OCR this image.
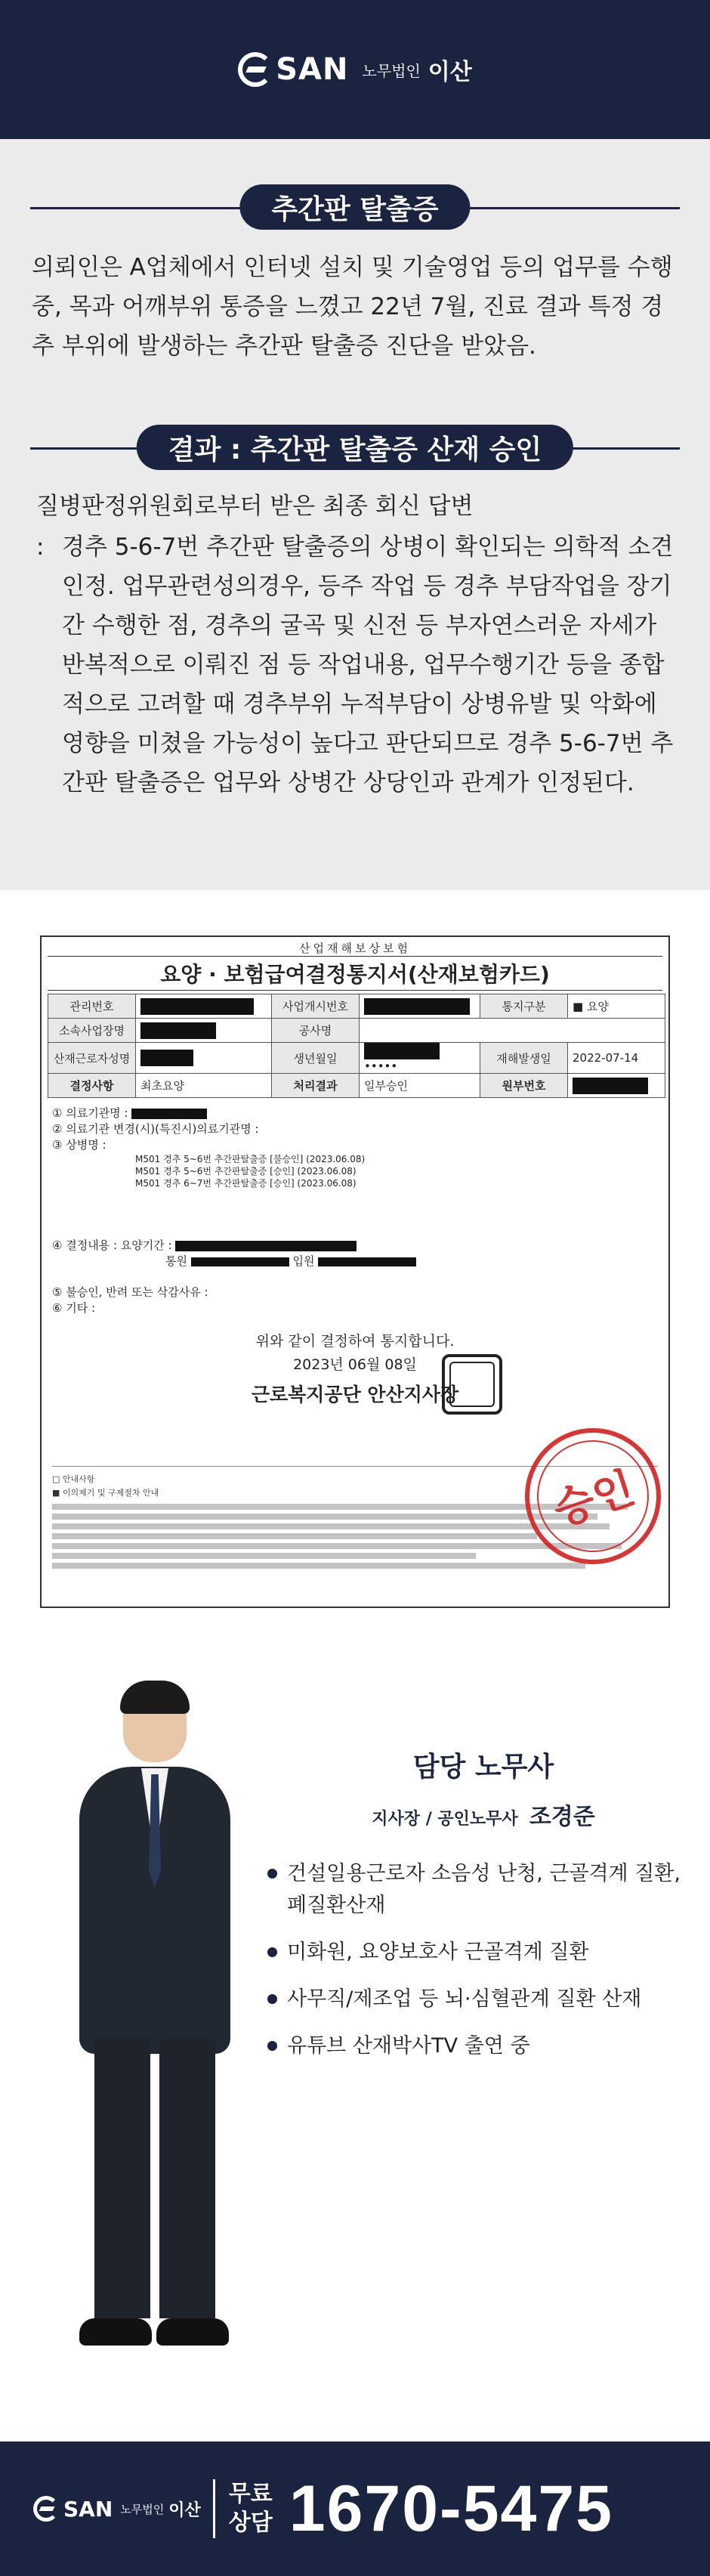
SAN 노무법인 이산
추간판 탈출증

의뢰인은 A업체에서 인터넷 설치 및 기술영업 등의 업무를 수행 중, 목과 어깨부위 통증을 느꼈고 22년 7월, 진료 결과 특정 경추 부위에 발생하는 추간판 탈출증 진단을 받았음.

결과 : 추간판 탈출증 산재 승인

질병판정위원회로부터 받은 최종 회신 답변

: 경추 5-6-7번 추간판 탈출증의 상병이 확인되는 의학적 소견 인정. 업무관련성의경우, 등주 작업 등 경추 부담작업을 장기간 수행한 점, 경추의 굴곡 및 신전 등 부자연스러운 자세가 반복적으로 이뤄진 점 등 작업내용, 업무수행기간 등을 종합적으로 고려할 때 경추부위 누적부담이 상병유발 및 악화에 영향을 미쳤을 가능성이 높다고 판단되므로 경추 5-6-7번 추간판 탈출증은 업무와 상병간 상당인과 관계가 인정된다.

산업재해보상보험
요양 · 보험급여결정통지서(산재보험카드)
관리번호		사업개시번호		통지구분	■ 요양
소속사업장명		공사명			
산재근로자성명		생년월일	•••••	재해발생일	2022-07-14
결정사항	최초요양	처리결과	일부승인	원부번호	
① 의료기관명 :
② 의료기관 변경(시)(특진시)의료기관명 :
③ 상병명 :
M501 경추 5~6번 추간판탈출증 [불승인] (2023.06.08)
M501 경추 5~6번 추간판탈출증 [승인] (2023.06.08)
M501 경추 6~7번 추간판탈출증 [승인] (2023.06.08)
④ 결정내용 : 요양기간 :
통원	입원
⑤ 불승인, 반려 또는 삭감사유 :
⑥ 기타 :
위와 같이 결정하여 통지합니다.
2023년 06월 08일
근로복지공단 안산지사장
□ 안내사항
■ 이의제기 및 구제절차 안내	승인
담당 노무사
지사장 / 공인노무사 조경준
건설일용근로자 소음성 난청, 근골격계 질환, 폐질환산재
미화원, 요양보호사 근골격계 질환
사무직/제조업 등 뇌·심혈관계 질환 산재
유튜브 산재박사TV 출연 중
SAN 노무법인 이산
무료
상담 1670-5475
